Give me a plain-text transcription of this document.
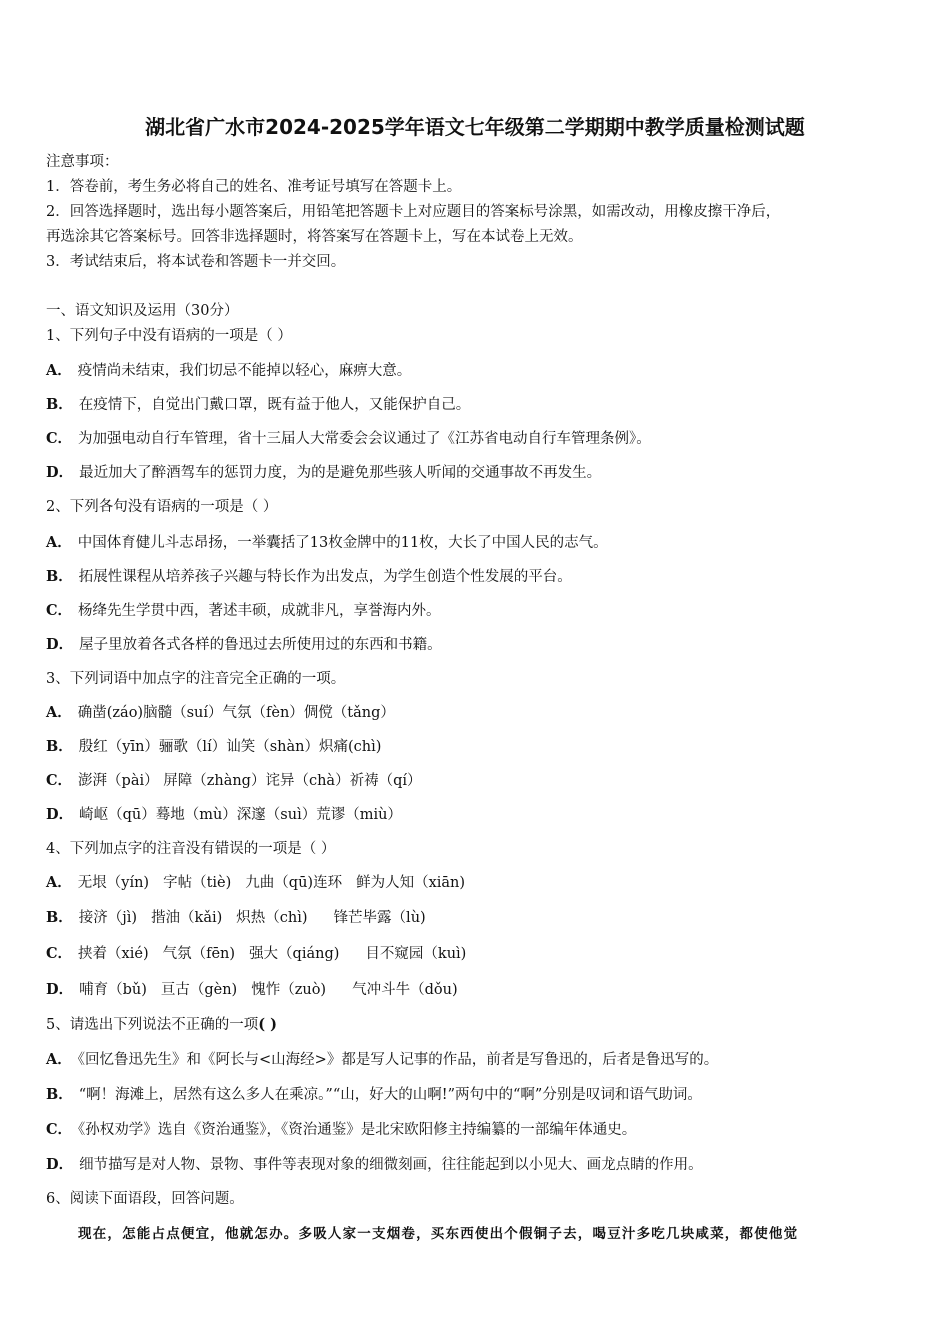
湖北省广水市2024-2025学年语文七年级第二学期期中教学质量检测试题
注意事项：
1．答卷前，考生务必将自己的姓名、准考证号填写在答题卡上。
2．回答选择题时，选出每小题答案后，用铅笔把答题卡上对应题目的答案标号涂黑，如需改动，用橡皮擦干净后，
再选涂其它答案标号。回答非选择题时，将答案写在答题卡上，写在本试卷上无效。
3．考试结束后，将本试卷和答题卡一并交回。
一、语文知识及运用（30分）
1、下列句子中没有语病的一项是（ ）
A． 疫情尚未结束，我们切忌不能掉以轻心，麻痹大意。
B． 在疫情下，自觉出门戴口罩，既有益于他人，又能保护自己。
C． 为加强电动自行车管理，省十三届人大常委会会议通过了《江苏省电动自行车管理条例》。
D． 最近加大了醉酒驾车的惩罚力度，为的是避免那些骇人听闻的交通事故不再发生。
2、下列各句没有语病的一项是（ ）
A． 中国体育健儿斗志昂扬，一举囊括了13枚金牌中的11枚，大长了中国人民的志气。
B． 拓展性课程从培养孩子兴趣与特长作为出发点，为学生创造个性发展的平台。
C． 杨绛先生学贯中西，著述丰硕，成就非凡，享誉海内外。
D． 屋子里放着各式各样的鲁迅过去所使用过的东西和书籍。
3、下列词语中加点字的注音完全正确的一项。
A． 确凿(záo)脑髓（suí）气氛（fèn）倜傥（tǎng）
B． 殷红（yīn）骊歌（lí）讪笑（shàn）炽痛(chì)
C． 澎湃（pài） 屏障（zhàng）诧异（chà）祈祷（qí）
D． 崎岖（qū）蓦地（mù）深邃（suì）荒谬（miù）
4、下列加点字的注音没有错误的一项是（ ）
A． 无垠（yín) 字帖（tiè) 九曲（qū)连环 鲜为人知（xiān)
B． 接济（jì) 揩油（kǎi) 炽热（chì) 锋芒毕露（lù)
C． 挟着（xié) 气氛（fēn) 强大（qiáng) 目不窥园（kuì)
D． 哺育（bǔ) 亘古（gèn) 愧怍（zuò) 气冲斗牛（dǒu)
5、请选出下列说法不正确的一项( )
A． 《回忆鲁迅先生》和《阿长与<山海经>》都是写人记事的作品，前者是写鲁迅的，后者是鲁迅写的。
B． “啊！海滩上，居然有这么多人在乘凉。”“山，好大的山啊!”两句中的“啊”分别是叹词和语气助词。
C． 《孙权劝学》选自《资治通鉴》，《资治通鉴》是北宋欧阳修主持编纂的一部编年体通史。
D． 细节描写是对人物、景物、事件等表现对象的细微刻画，往往能起到以小见大、画龙点睛的作用。
6、阅读下面语段，回答问题。
现在，怎能占点便宜，他就怎办。多吸人家一支烟卷，买东西使出个假铜子去，喝豆汁多吃几块咸菜，都使他觉
